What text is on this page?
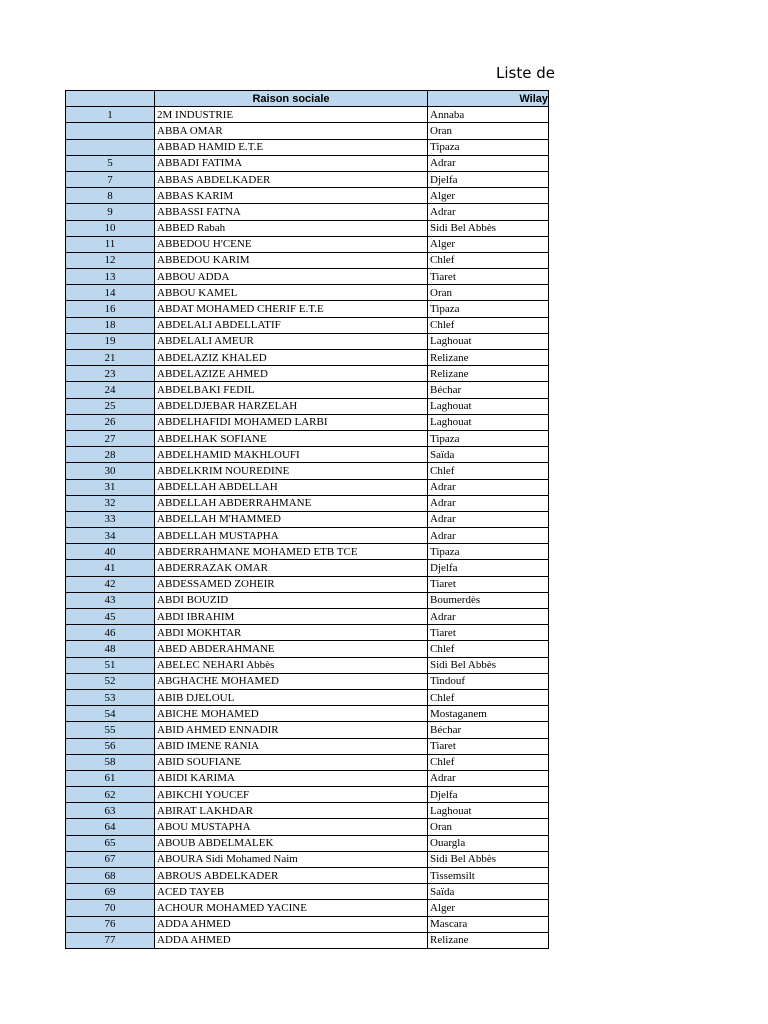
Liste de
	Raison sociale	Wilay
1	2M INDUSTRIE	Annaba
	ABBA OMAR	Oran
	ABBAD HAMID E.T.E	Tipaza
5	ABBADI FATIMA	Adrar
7	ABBAS ABDELKADER	Djelfa
8	ABBAS KARIM	Alger
9	ABBASSI FATNA	Adrar
10	ABBED Rabah	Sidi Bel Abbès
11	ABBEDOU H'CENE	Alger
12	ABBEDOU KARIM	Chlef
13	ABBOU ADDA	Tiaret
14	ABBOU KAMEL	Oran
16	ABDAT MOHAMED CHERIF E.T.E	Tipaza
18	ABDELALI ABDELLATIF	Chlef
19	ABDELALI AMEUR	Laghouat
21	ABDELAZIZ KHALED	Relizane
23	ABDELAZIZE AHMED	Relizane
24	ABDELBAKI FEDIL	Béchar
25	ABDELDJEBAR HARZELAH	Laghouat
26	ABDELHAFIDI MOHAMED LARBI	Laghouat
27	ABDELHAK SOFIANE	Tipaza
28	ABDELHAMID MAKHLOUFI	Saïda
30	ABDELKRIM NOUREDINE	Chlef
31	ABDELLAH ABDELLAH	Adrar
32	ABDELLAH ABDERRAHMANE	Adrar
33	ABDELLAH M'HAMMED	Adrar
34	ABDELLAH MUSTAPHA	Adrar
40	ABDERRAHMANE MOHAMED ETB TCE	Tipaza
41	ABDERRAZAK OMAR	Djelfa
42	ABDESSAMED ZOHEIR	Tiaret
43	ABDI BOUZID	Boumerdès
45	ABDI IBRAHIM	Adrar
46	ABDI MOKHTAR	Tiaret
48	ABED ABDERAHMANE	Chlef
51	ABELEC NEHARI Abbès	Sidi Bel Abbès
52	ABGHACHE MOHAMED	Tindouf
53	ABIB DJELOUL	Chlef
54	ABICHE MOHAMED	Mostaganem
55	ABID AHMED ENNADIR	Béchar
56	ABID IMENE RANIA	Tiaret
58	ABID SOUFIANE	Chlef
61	ABIDI KARIMA	Adrar
62	ABIKCHI YOUCEF	Djelfa
63	ABIRAT LAKHDAR	Laghouat
64	ABOU MUSTAPHA	Oran
65	ABOUB ABDELMALEK	Ouargla
67	ABOURA Sidi Mohamed Naim	Sidi Bel Abbès
68	ABROUS ABDELKADER	Tissemsilt
69	ACED TAYEB	Saïda
70	ACHOUR MOHAMED YACINE	Alger
76	ADDA AHMED	Mascara
77	ADDA AHMED	Relizane
